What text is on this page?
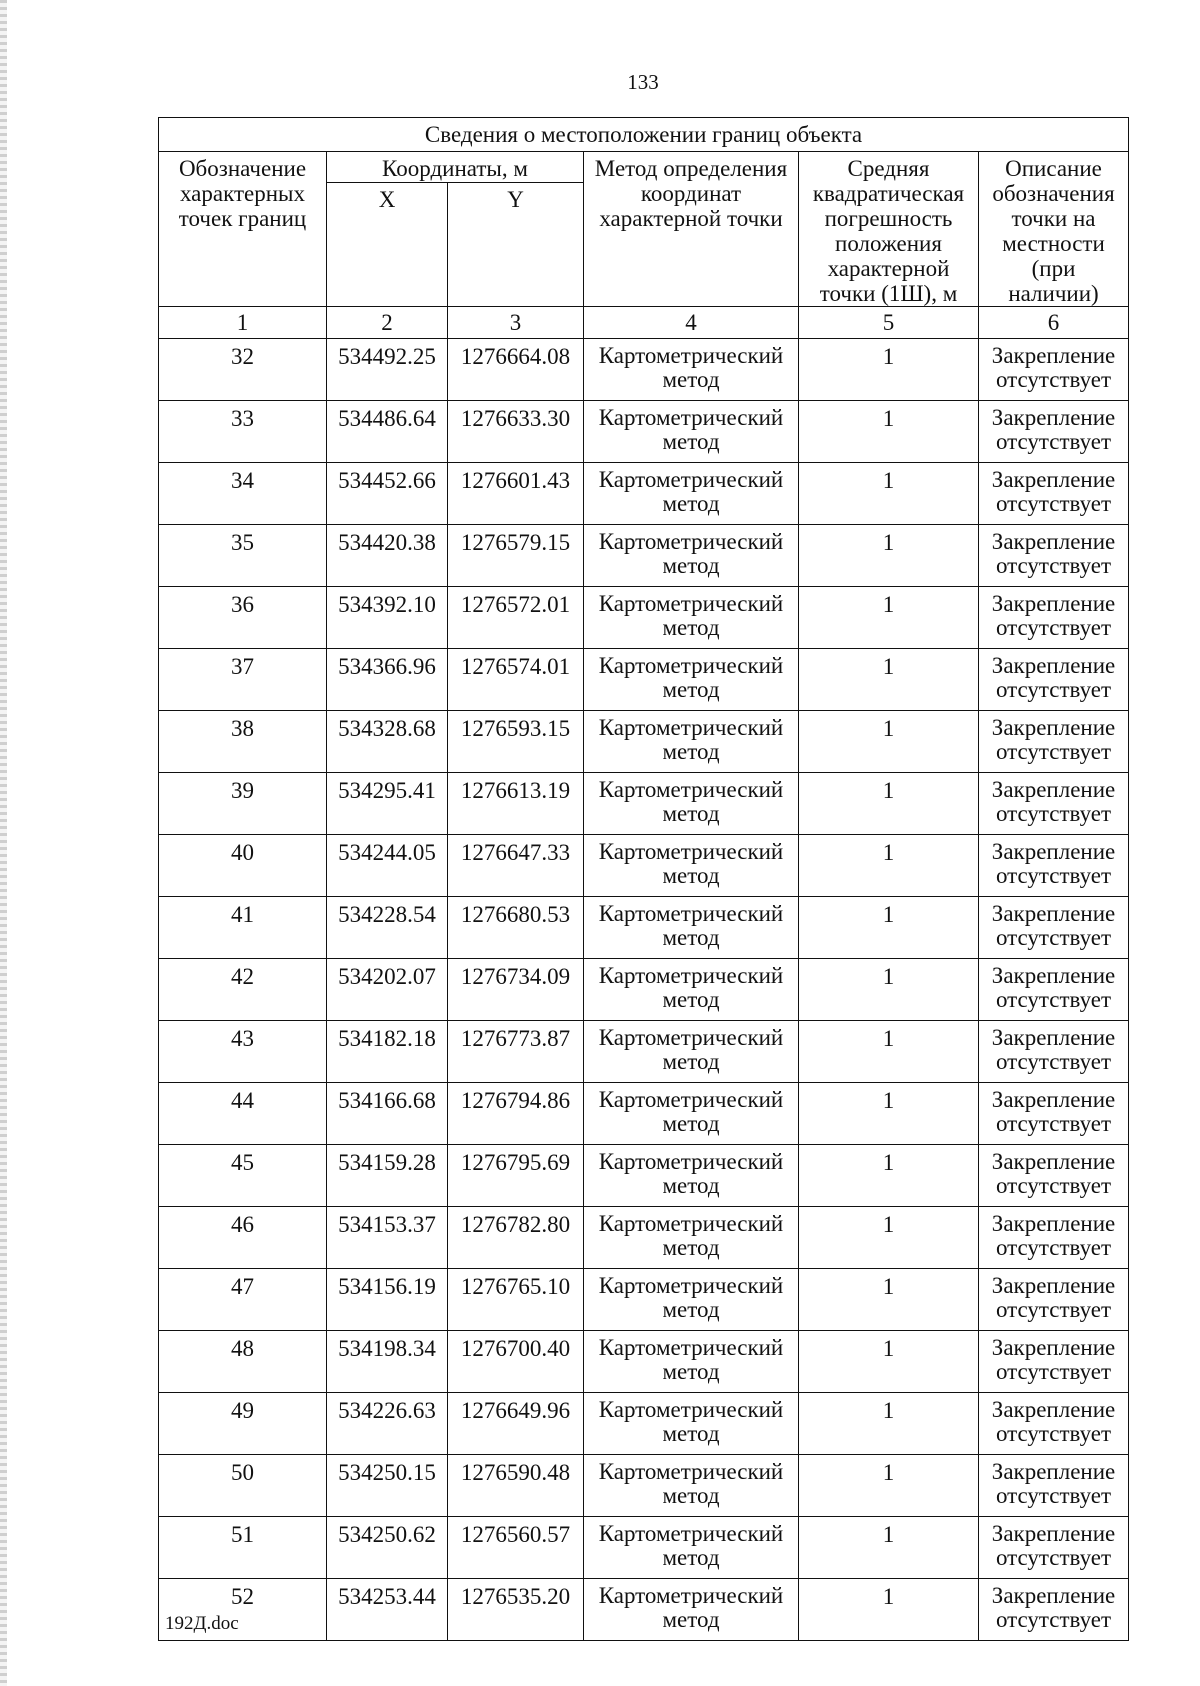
133
Сведения о местоположении границ объекта					
Обозначение характерных точек границ	Координаты, м		Метод определения координат характерной точки	Средняя квадратическая погрешность положения характерной точки (1Ш), м	Описание обозначения точки на местности (при наличии)
	X	Y			
1	2	3	4	5	6
32	534492.25	1276664.08	Картометрический метод	1	Закрепление отсутствует
33	534486.64	1276633.30	Картометрический метод	1	Закрепление отсутствует
34	534452.66	1276601.43	Картометрический метод	1	Закрепление отсутствует
35	534420.38	1276579.15	Картометрический метод	1	Закрепление отсутствует
36	534392.10	1276572.01	Картометрический метод	1	Закрепление отсутствует
37	534366.96	1276574.01	Картометрический метод	1	Закрепление отсутствует
38	534328.68	1276593.15	Картометрический метод	1	Закрепление отсутствует
39	534295.41	1276613.19	Картометрический метод	1	Закрепление отсутствует
40	534244.05	1276647.33	Картометрический метод	1	Закрепление отсутствует
41	534228.54	1276680.53	Картометрический метод	1	Закрепление отсутствует
42	534202.07	1276734.09	Картометрический метод	1	Закрепление отсутствует
43	534182.18	1276773.87	Картометрический метод	1	Закрепление отсутствует
44	534166.68	1276794.86	Картометрический метод	1	Закрепление отсутствует
45	534159.28	1276795.69	Картометрический метод	1	Закрепление отсутствует
46	534153.37	1276782.80	Картометрический метод	1	Закрепление отсутствует
47	534156.19	1276765.10	Картометрический метод	1	Закрепление отсутствует
48	534198.34	1276700.40	Картометрический метод	1	Закрепление отсутствует
49	534226.63	1276649.96	Картометрический метод	1	Закрепление отсутствует
50	534250.15	1276590.48	Картометрический метод	1	Закрепление отсутствует
51	534250.62	1276560.57	Картометрический метод	1	Закрепление отсутствует
52	534253.44	1276535.20	Картометрический метод	1	Закрепление отсутствует
192Д.doc
